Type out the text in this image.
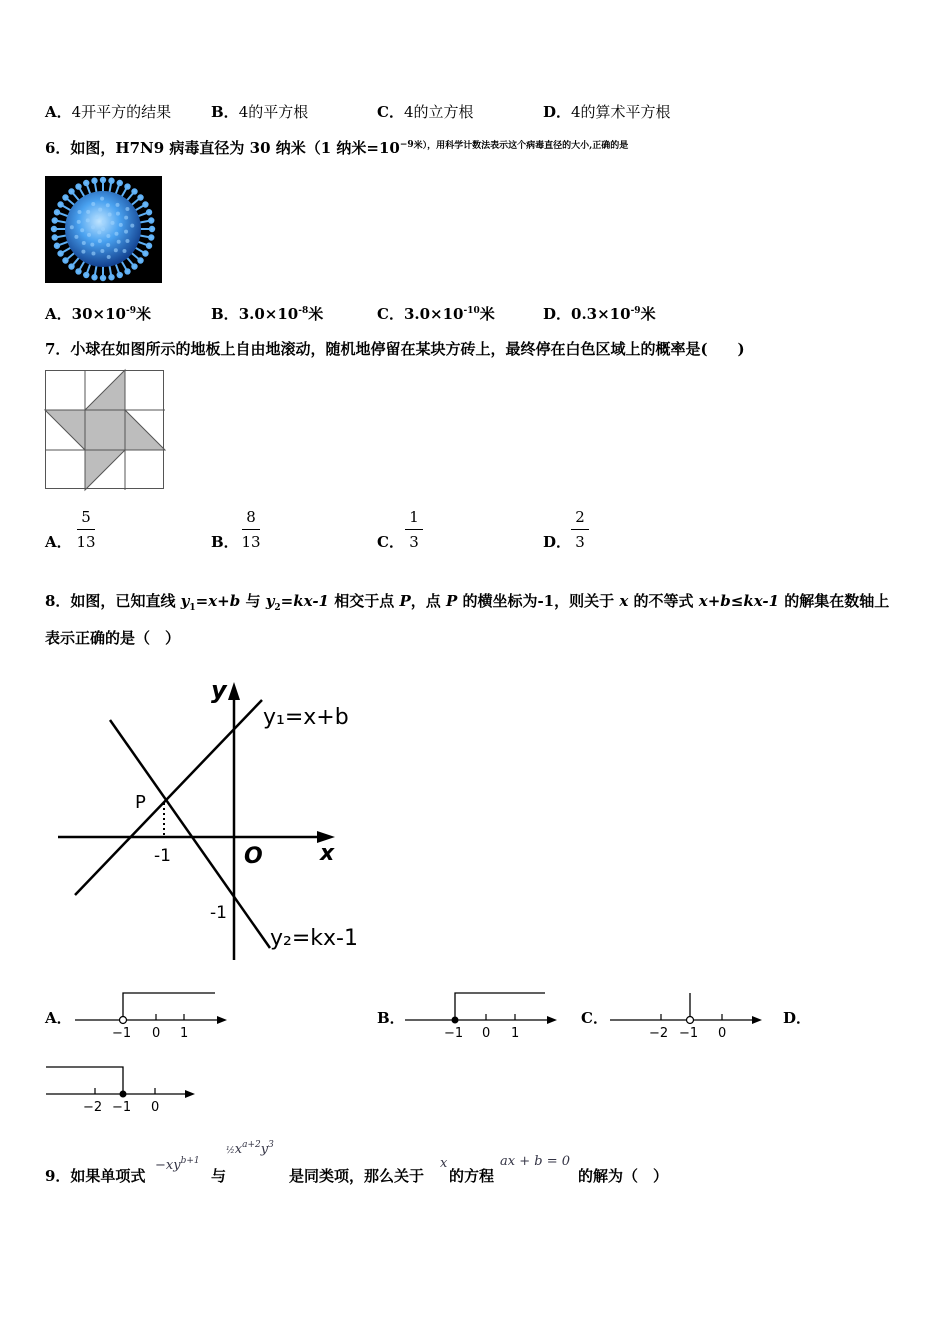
A．4开平方的结果	B．4的平方根	C．4的立方根	D．4的算术平方根
6．如图，H7N9 病毒直径为 30 纳米（1 纳米$=10^{-9米),用科学计数法表示这个病毒直径的大小,正确的是}$
A．$30\times 10^{-9}$米	B．$3.0\times 10^{-8}$米	C．$3.0\times 10^{-10}$米	D．$0.3\times 10^{-9}$米
7．小球在如图所示的地板上自由地滚动，随机地停留在某块方砖上，最终停在白色区域上的概率是(　　)
A．
5
13	B．
8
13	C．
1
3	D．
2
3
8．如图，已知直线 $y_1=x+b$ 与 $y_2=kx-1$ 相交于点 P，点 P 的横坐标为-1，则关于 x 的不等式 x+b≤kx-1 的解集在数轴上
表示正确的是（　）
y
x
O
P
-1
-1
y₁=x+b
y₂=kx-1
A．
−1 0 1
B．
−1 0 1
C．
−2 −1 0
D．
−2 −1 0
9．如果单项式
$-xy^{b+1}$
与
$\frac{1}{2}x^{a+2}y^3$
是同类项，那么关于
x
的方程
ax + b = 0
的解为（　）
